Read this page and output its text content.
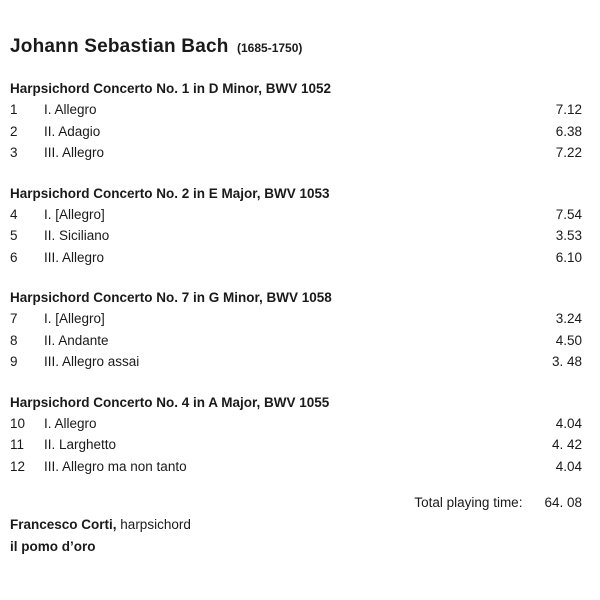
Johann Sebastian Bach (1685-1750)
Harpsichord Concerto No. 1 in D Minor, BWV 1052
1	I. Allegro	7.12
2	II. Adagio	6.38
3	III. Allegro	7.22
Harpsichord Concerto No. 2 in E Major, BWV 1053
4	I. [Allegro]	7.54
5	II. Siciliano	3.53
6	III. Allegro	6.10
Harpsichord Concerto No. 7 in G Minor, BWV 1058
7	I. [Allegro]	3.24
8	II. Andante	4.50
9	III. Allegro assai	3. 48
Harpsichord Concerto No. 4 in A Major, BWV 1055
10	I. Allegro	4.04
11	II. Larghetto	4. 42
12	III. Allegro ma non tanto	4.04
Total playing time: 64. 08
Francesco Corti, harpsichord
il pomo d’oro
